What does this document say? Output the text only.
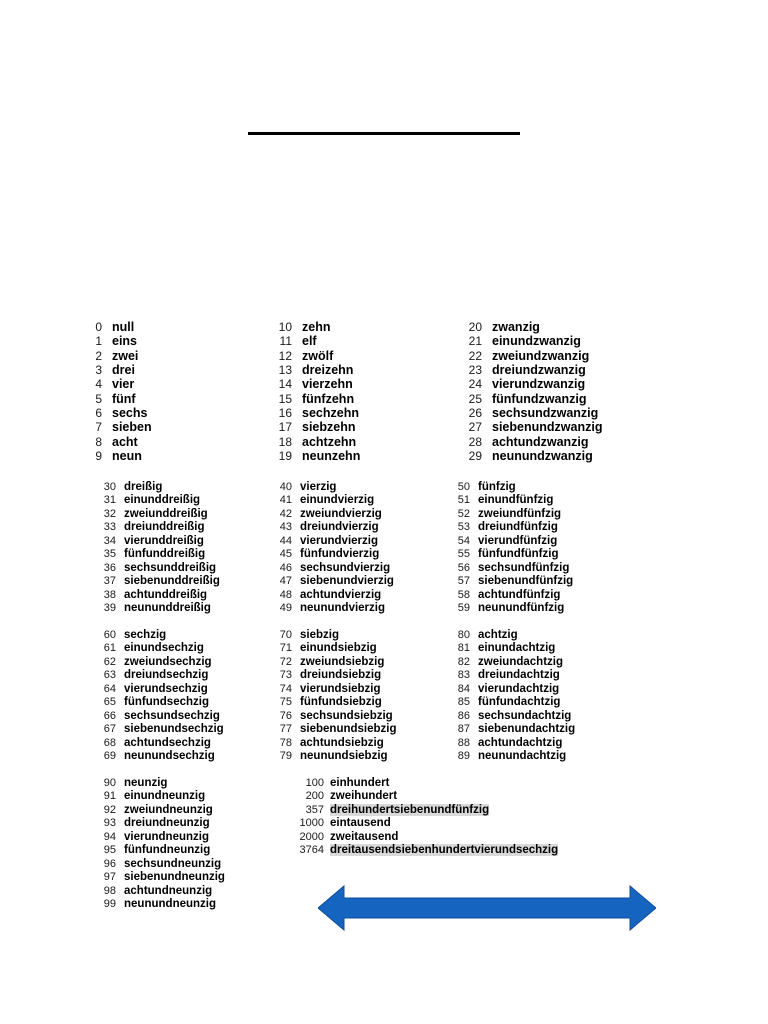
0 null
1 eins
2 zwei
3 drei
4 vier
5 fünf
6 sechs
7 sieben
8 acht
9 neun
10 zehn
11 elf
12 zwölf
13 dreizehn
14 vierzehn
15 fünfzehn
16 sechzehn
17 siebzehn
18 achtzehn
19 neunzehn
20 zwanzig
21 einundzwanzig
22 zweiundzwanzig
23 dreiundzwanzig
24 vierundzwanzig
25 fünfundzwanzig
26 sechsundzwanzig
27 siebenundzwanzig
28 achtundzwanzig
29 neunundzwanzig
30 dreißig
31 einunddreißig
32 zweiunddreißig
33 dreiunddreißig
34 vierunddreißig
35 fünfunddreißig
36 sechsunddreißig
37 siebenunddreißig
38 achtunddreißig
39 neununddreißig
40 vierzig
41 einundvierzig
42 zweiundvierzig
43 dreiundvierzig
44 vierundvierzig
45 fünfundvierzig
46 sechsundvierzig
47 siebenundvierzig
48 achtundvierzig
49 neunundvierzig
50 fünfzig
51 einundfünfzig
52 zweiundfünfzig
53 dreiundfünfzig
54 vierundfünfzig
55 fünfundfünfzig
56 sechsundfünfzig
57 siebenundfünfzig
58 achtundfünfzig
59 neunundfünfzig
60 sechzig
61 einundsechzig
62 zweiundsechzig
63 dreiundsechzig
64 vierundsechzig
65 fünfundsechzig
66 sechsundsechzig
67 siebenundsechzig
68 achtundsechzig
69 neunundsechzig
70 siebzig
71 einundsiebzig
72 zweiundsiebzig
73 dreiundsiebzig
74 vierundsiebzig
75 fünfundsiebzig
76 sechsundsiebzig
77 siebenundsiebzig
78 achtundsiebzig
79 neunundsiebzig
80 achtzig
81 einundachtzig
82 zweiundachtzig
83 dreiundachtzig
84 vierundachtzig
85 fünfundachtzig
86 sechsundachtzig
87 siebenundachtzig
88 achtundachtzig
89 neunundachtzig
90 neunzig
91 einundneunzig
92 zweiundneunzig
93 dreiundneunzig
94 vierundneunzig
95 fünfundneunzig
96 sechsundneunzig
97 siebenundneunzig
98 achtundneunzig
99 neunundneunzig
100 einhundert
200 zweihundert
357 dreihundertsiebenundfünfzig
1000 eintausend
2000 zweitausend
3764 dreitausendsiebenhundertvierundsechzig
